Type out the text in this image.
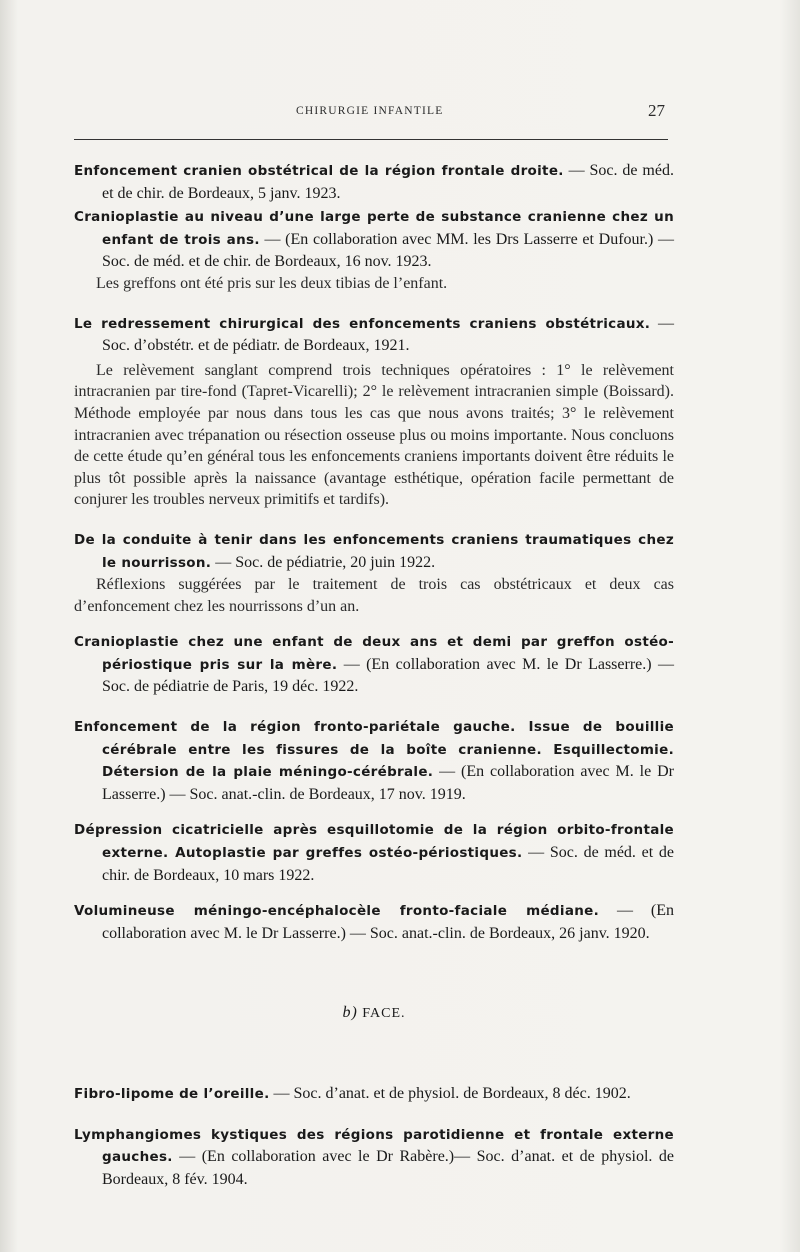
CHIRURGIE INFANTILE	27

Enfoncement cranien obstétrical de la région frontale droite. — Soc. de méd. et de chir. de Bordeaux, 5 janv. 1923.

Cranioplastie au niveau d’une large perte de substance cranienne chez un enfant de trois ans. — (En collaboration avec MM. les Drs Lasserre et Dufour.) — Soc. de méd. et de chir. de Bordeaux, 16 nov. 1923.

Les greffons ont été pris sur les deux tibias de l’enfant.

Le redressement chirurgical des enfoncements craniens obstétricaux. — Soc. d’obstétr. et de pédiatr. de Bordeaux, 1921.

Le relèvement sanglant comprend trois techniques opératoires : 1° le relèvement intracranien par tire-fond (Tapret-Vicarelli); 2° le relèvement intracranien simple (Boissard). Méthode employée par nous dans tous les cas que nous avons traités; 3° le relèvement intracranien avec trépanation ou résection osseuse plus ou moins importante. Nous concluons de cette étude qu’en général tous les enfoncements craniens importants doivent être réduits le plus tôt possible après la naissance (avantage esthétique, opération facile permettant de conjurer les troubles nerveux primitifs et tardifs).

De la conduite à tenir dans les enfoncements craniens traumatiques chez le nourrisson. — Soc. de pédiatrie, 20 juin 1922.

Réflexions suggérées par le traitement de trois cas obstétricaux et deux cas d’enfoncement chez les nourrissons d’un an.

Cranioplastie chez une enfant de deux ans et demi par greffon ostéo-périostique pris sur la mère. — (En collaboration avec M. le Dr Lasserre.) — Soc. de pédiatrie de Paris, 19 déc. 1922.

Enfoncement de la région fronto-pariétale gauche. Issue de bouillie cérébrale entre les fissures de la boîte cranienne. Esquillectomie. Détersion de la plaie méningo-cérébrale. — (En collaboration avec M. le Dr Lasserre.) — Soc. anat.-clin. de Bordeaux, 17 nov. 1919.

Dépression cicatricielle après esquillotomie de la région orbito-frontale externe. Autoplastie par greffes ostéo-périostiques. — Soc. de méd. et de chir. de Bordeaux, 10 mars 1922.

Volumineuse méningo-encéphalocèle fronto-faciale médiane. — (En collaboration avec M. le Dr Lasserre.) — Soc. anat.-clin. de Bordeaux, 26 janv. 1920.

b) FACE.

Fibro-lipome de l’oreille. — Soc. d’anat. et de physiol. de Bordeaux, 8 déc. 1902.

Lymphangiomes kystiques des régions parotidienne et frontale externe gauches. — (En collaboration avec le Dr Rabère.)— Soc. d’anat. et de physiol. de Bordeaux, 8 fév. 1904.
